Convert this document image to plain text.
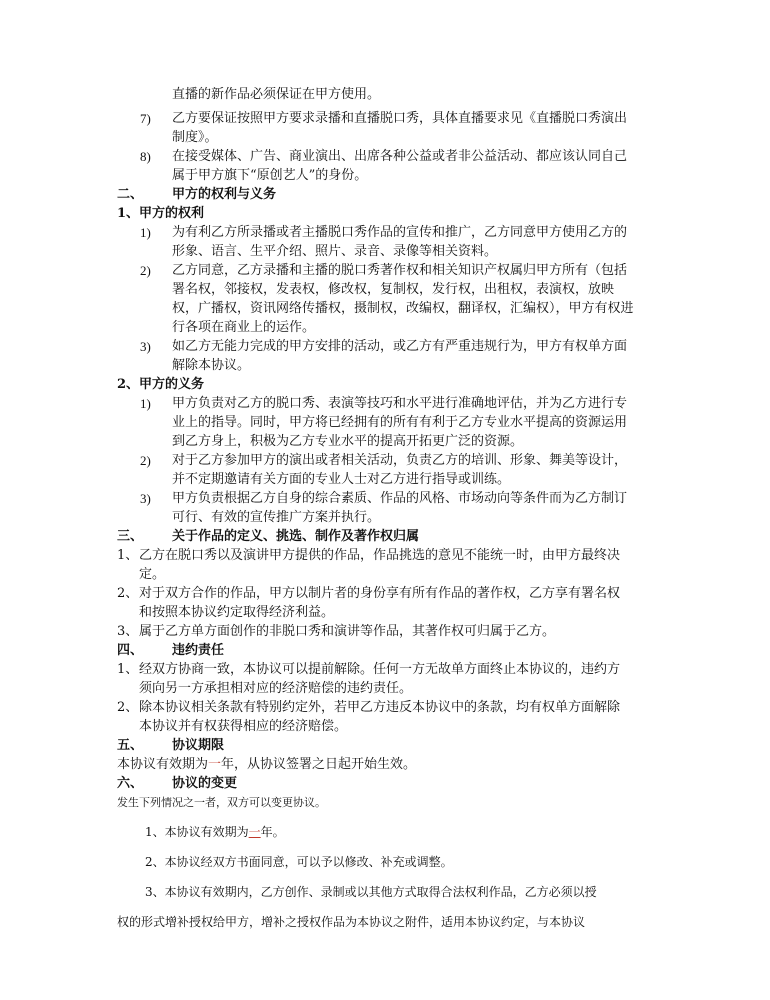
直播的新作品必须保证在甲方使用。
7) 乙方要保证按照甲方要求录播和直播脱口秀，具体直播要求见《直播脱口秀演出
制度》。
8) 在接受媒体、广告、商业演出、出席各种公益或者非公益活动、都应该认同自己
属于甲方旗下“原创艺人”的身份。
二、 甲方的权利与义务
1、 甲方的权利
1) 为有利乙方所录播或者主播脱口秀作品的宣传和推广，乙方同意甲方使用乙方的
形象、语言、生平介绍、照片、录音、录像等相关资料。
2) 乙方同意，乙方录播和主播的脱口秀著作权和相关知识产权属归甲方所有（包括
署名权，邻接权，发表权，修改权，复制权，发行权，出租权，表演权，放映
权，广播权，资讯网络传播权，摄制权，改编权，翻译权，汇编权），甲方有权进
行各项在商业上的运作。
3) 如乙方无能力完成的甲方安排的活动，或乙方有严重违规行为，甲方有权单方面
解除本协议。
2、 甲方的义务
1) 甲方负责对乙方的脱口秀、表演等技巧和水平进行准确地评估，并为乙方进行专
业上的指导。同时，甲方将已经拥有的所有有利于乙方专业水平提高的资源运用
到乙方身上，积极为乙方专业水平的提高开拓更广泛的资源。
2) 对于乙方参加甲方的演出或者相关活动，负责乙方的培训、形象、舞美等设计，
并不定期邀请有关方面的专业人士对乙方进行指导或训练。
3) 甲方负责根据乙方自身的综合素质、作品的风格、市场动向等条件而为乙方制订
可行、有效的宣传推广方案并执行。
三、 关于作品的定义、挑选、制作及著作权归属
1、 乙方在脱口秀以及演讲甲方提供的作品，作品挑选的意见不能统一时，由甲方最终决
定。
2、 对于双方合作的作品，甲方以制片者的身份享有所有作品的著作权，乙方享有署名权
和按照本协议约定取得经济利益。
3、 属于乙方单方面创作的非脱口秀和演讲等作品，其著作权可归属于乙方。
四、 违约责任
1、 经双方协商一致，本协议可以提前解除。任何一方无故单方面终止本协议的，违约方
须向另一方承担相对应的经济赔偿的违约责任。
2、 除本协议相关条款有特别约定外，若甲乙方违反本协议中的条款，均有权单方面解除
本协议并有权获得相应的经济赔偿。
五、 协议期限
本协议有效期为一年，从协议签署之日起开始生效。
六、 协议的变更
发生下列情况之一者，双方可以变更协议。
1、本协议有效期为一年。
2、本协议经双方书面同意，可以予以修改、补充或调整。
3、本协议有效期内，乙方创作、录制或以其他方式取得合法权利作品，乙方必须以授
权的形式增补授权给甲方，增补之授权作品为本协议之附件，适用本协议约定，与本协议
